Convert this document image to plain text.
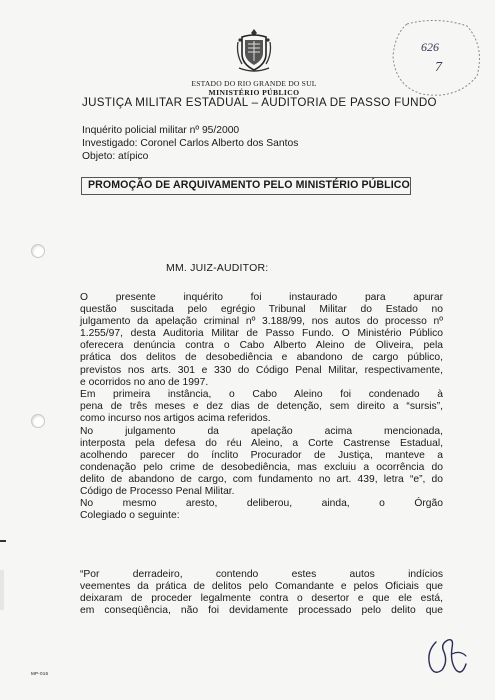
626
7
ESTADO DO RIO GRANDE DO SUL
MINISTÉRIO PÚBLICO
JUSTIÇA MILITAR ESTADUAL – AUDITORIA DE PASSO FUNDO
Inquérito policial militar nº 95/2000
Investigado: Coronel Carlos Alberto dos Santos
Objeto: atípico
PROMOÇÃO DE ARQUIVAMENTO PELO MINISTÉRIO PÚBLICO
MM. JUIZ-AUDITOR:
O presente inquérito foi instaurado para apurar
questão suscitada pelo egrégio Tribunal Militar do Estado no
julgamento da apelação criminal nº 3.188/99, nos autos do processo nº
1.255/97, desta Auditoria Militar de Passo Fundo. O Ministério Público
oferecera denúncia contra o Cabo Alberto Aleino de Oliveira, pela
prática dos delitos de desobediência e abandono de cargo público,
previstos nos arts. 301 e 330 do Código Penal Militar, respectivamente,
e ocorridos no ano de 1997.
Em primeira instância, o Cabo Aleino foi condenado à
pena de três meses e dez dias de detenção, sem direito a “sursis”,
como incurso nos artigos acima referidos.
No julgamento da apelação acima mencionada,
interposta pela defesa do réu Aleino, a Corte Castrense Estadual,
acolhendo parecer do ínclito Procurador de Justiça, manteve a
condenação pelo crime de desobediência, mas excluiu a ocorrência do
delito de abandono de cargo, com fundamento no art. 439, letra “e”, do
Código de Processo Penal Militar.
No mesmo aresto, deliberou, ainda, o Órgão
Colegiado o seguinte:
“Por derradeiro, contendo estes autos indícios
veementes da prática de delitos pelo Comandante e pelos Oficiais que
deixaram de proceder legalmente contra o desertor e que ele está,
em conseqüência, não foi devidamente processado pelo delito que
MP-016
